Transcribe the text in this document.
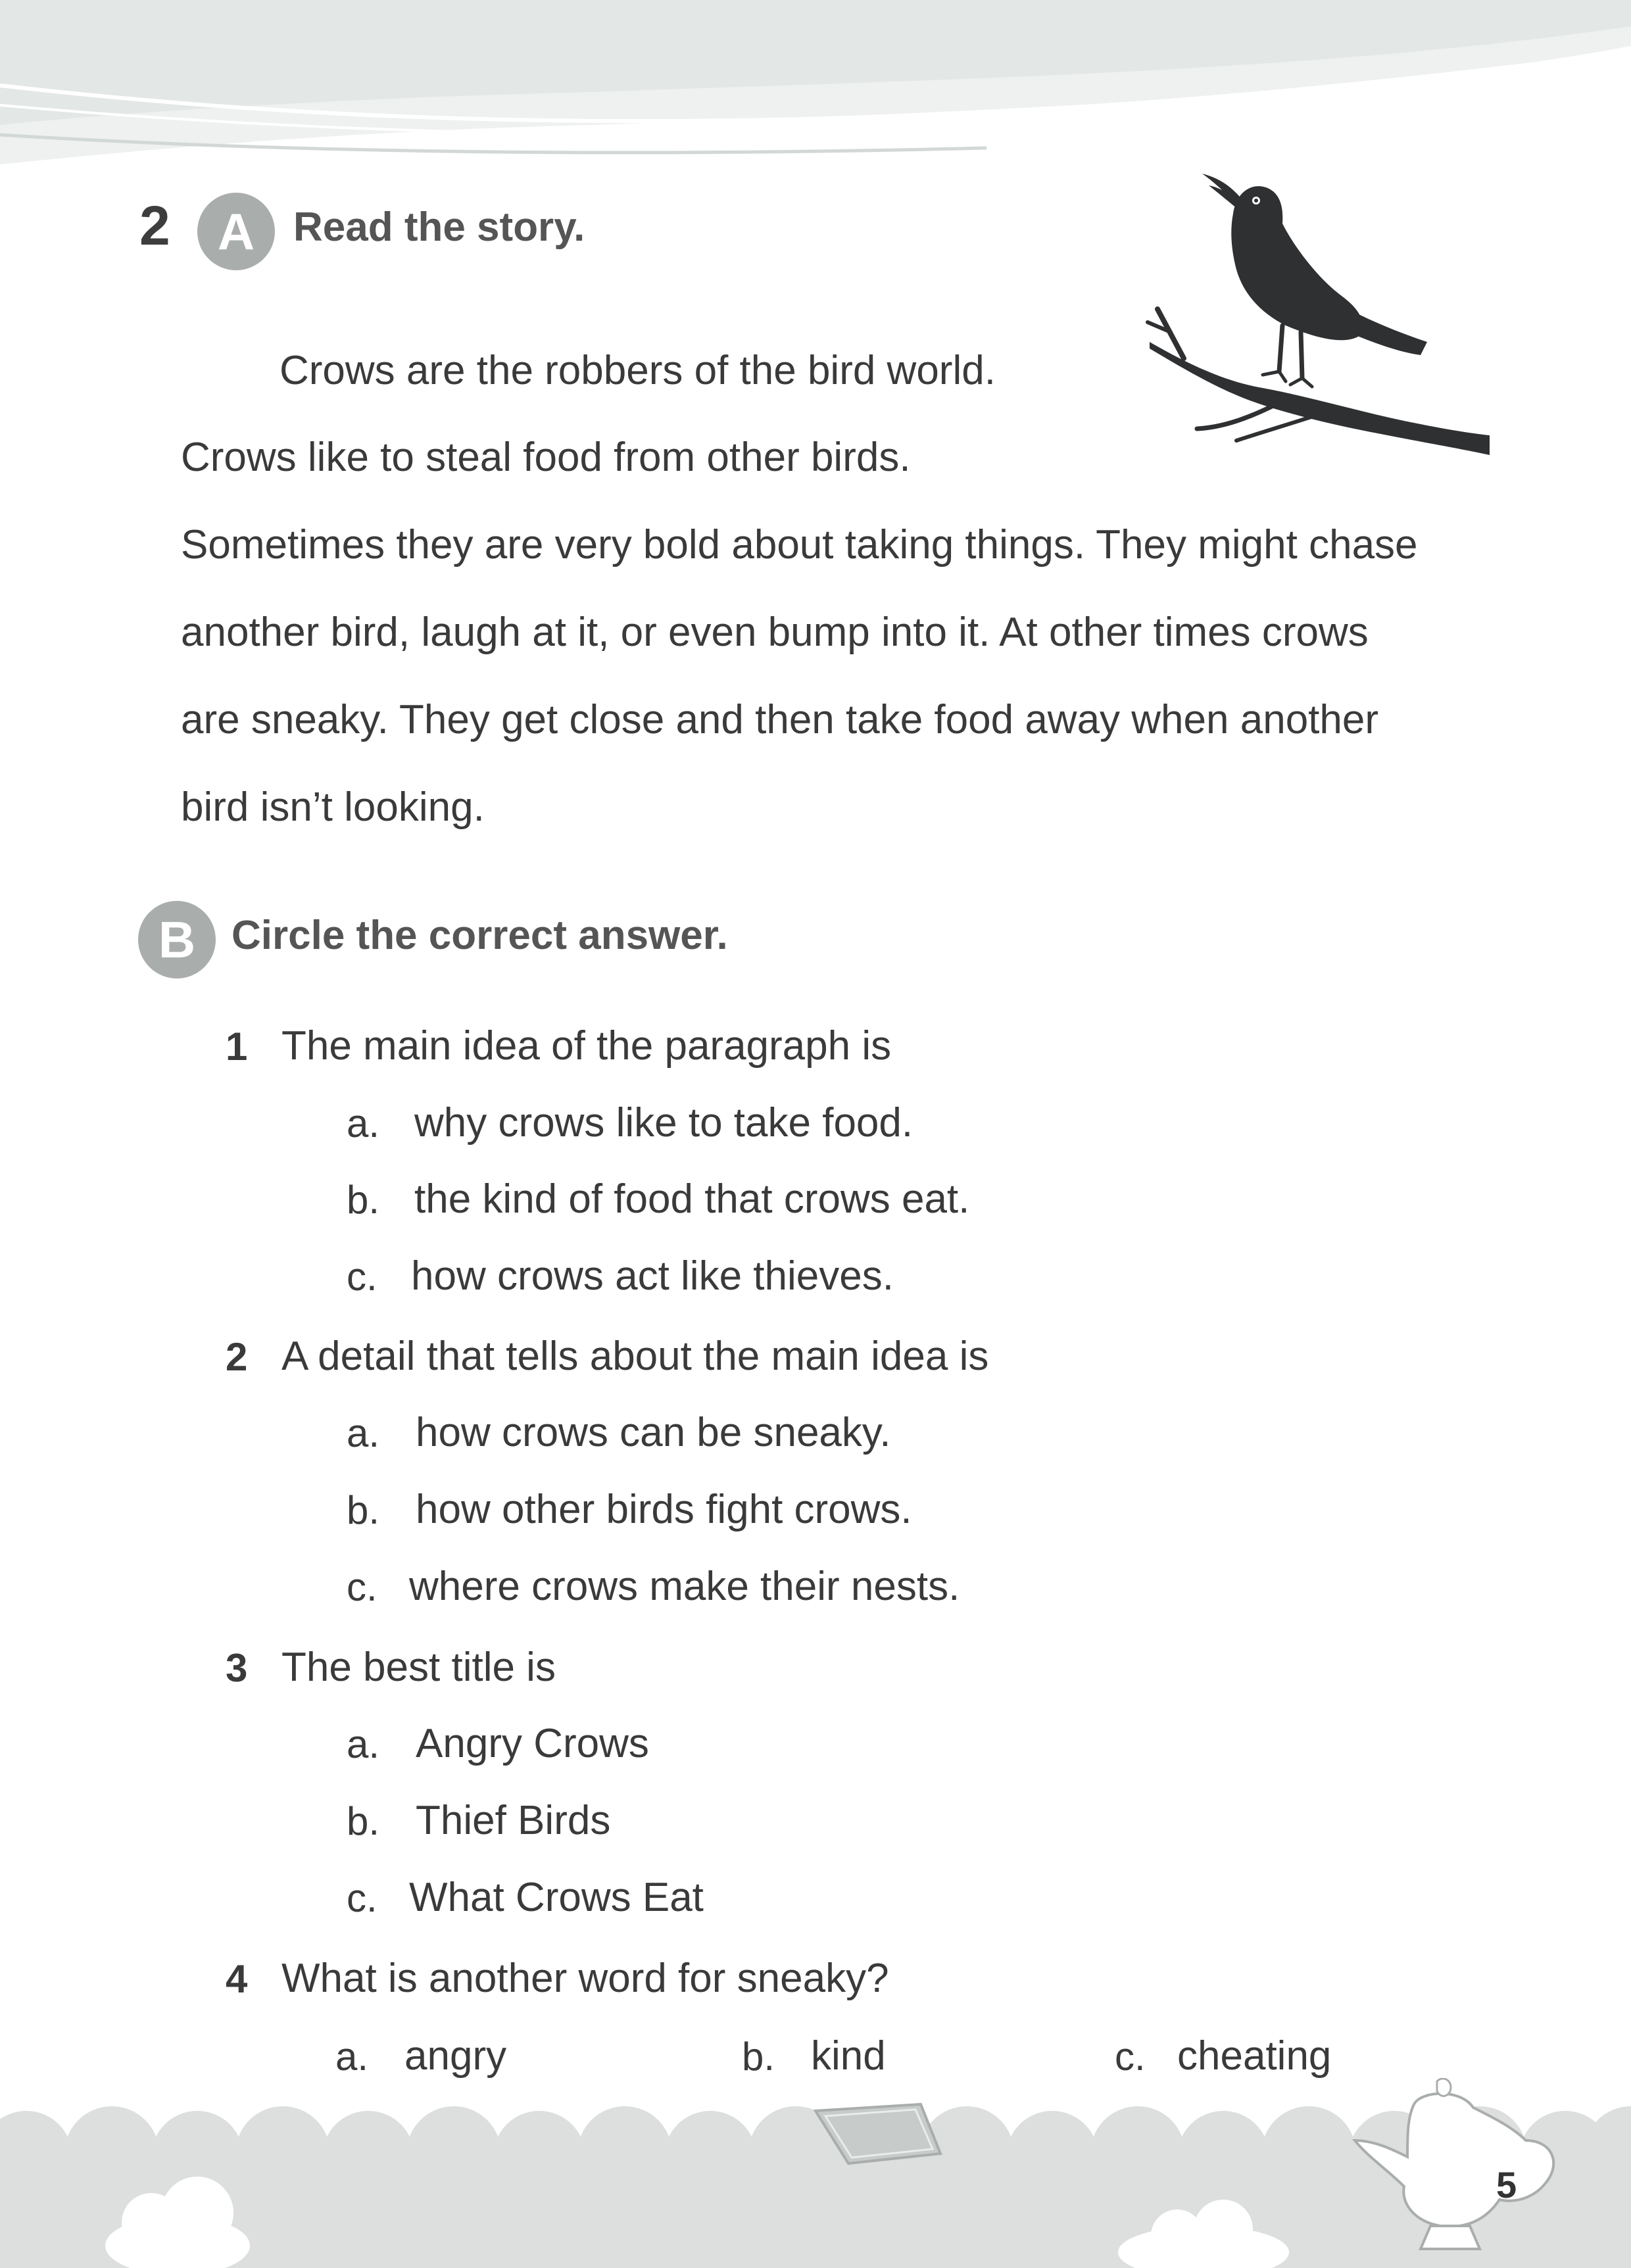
2 A Read the story.
Crows are the robbers of the bird world.
Crows like to steal food from other birds.
Sometimes they are very bold about taking things. They might chase
another bird, laugh at it, or even bump into it. At other times crows
are sneaky. They get close and then take food away when another
bird isn’t looking.
B Circle the correct answer.
1 The main idea of the paragraph is
a. why crows like to take food.
b. the kind of food that crows eat.
c. how crows act like thieves.
2 A detail that tells about the main idea is
a. how crows can be sneaky.
b. how other birds fight crows.
c. where crows make their nests.
3 The best title is
a. Angry Crows
b. Thief Birds
c. What Crows Eat
4 What is another word for sneaky?
a. angry	b. kind	c. cheating
5
